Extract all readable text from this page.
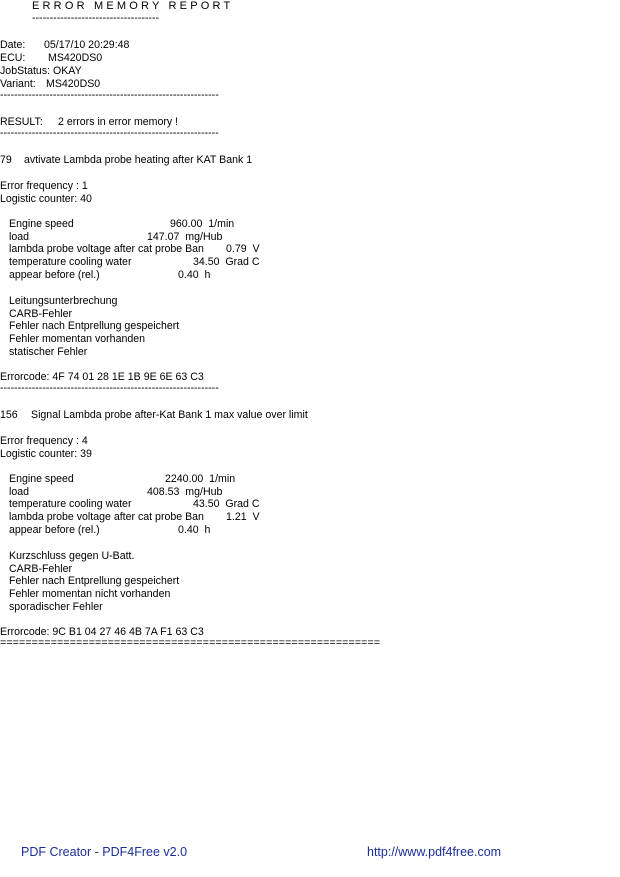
ERROR MEMORY REPORT
------------------------------------
Date: 05/17/10 20:29:48
ECU: MS420DS0
JobStatus: OKAY
Variant: MS420DS0
--------------------------------------------------------------
RESULT: 2 errors in error memory !
--------------------------------------------------------------
79 avtivate Lambda probe heating after KAT Bank 1
Error frequency : 1
Logistic counter: 40
Engine speed	960.00  1/min
load	147.07  mg/Hub
lambda probe voltage after cat probe Ban 0.79  V
temperature cooling water	34.50  Grad C
appear before (rel.)	0.40  h
Leitungsunterbrechung
CARB-Fehler
Fehler nach Entprellung gespeichert
Fehler momentan vorhanden
statischer Fehler
Errorcode: 4F 74 01 28 1E 1B 9E 6E 63 C3
--------------------------------------------------------------
156 Signal Lambda probe after-Kat Bank 1 max value over limit
Error frequency : 4
Logistic counter: 39
Engine speed	2240.00  1/min
load	408.53  mg/Hub
temperature cooling water	43.50  Grad C
lambda probe voltage after cat probe Ban 1.21  V
appear before (rel.)	0.40  h
Kurzschluss gegen U-Batt.
CARB-Fehler
Fehler nach Entprellung gespeichert
Fehler momentan nicht vorhanden
sporadischer Fehler
Errorcode: 9C B1 04 27 46 4B 7A F1 63 C3
============================================================
PDF Creator - PDF4Free v2.0	http://www.pdf4free.com
